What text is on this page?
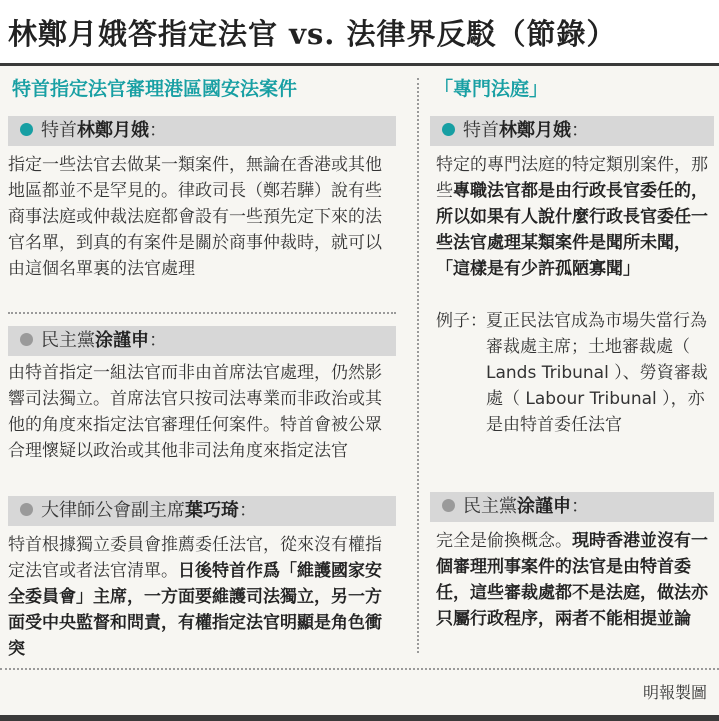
林鄭月娥答指定法官 vs. 法律界反駁（節錄）
特首指定法官審理港區國安法案件
特首林鄭月娥：
指定一些法官去做某一類案件，無論在香港或其他地區都並不是罕見的。律政司長（鄭若驊）說有些商事法庭或仲裁法庭都會設有一些預先定下來的法官名單，到真的有案件是關於商事仲裁時，就可以由這個名單裏的法官處理
民主黨涂謹申：
由特首指定一組法官而非由首席法官處理，仍然影響司法獨立。首席法官只按司法專業而非政治或其他的角度來指定法官審理任何案件。特首會被公眾合理懷疑以政治或其他非司法角度來指定法官
大律師公會副主席葉巧琦：
特首根據獨立委員會推薦委任法官，從來沒有權指定法官或者法官清單。日後特首作爲「維護國家安全委員會」主席，一方面要維護司法獨立，另一方面受中央監督和問責，有權指定法官明顯是角色衝突
「專門法庭」
特首林鄭月娥：
特定的專門法庭的特定類別案件，那些專職法官都是由行政長官委任的，所以如果有人說什麼行政長官委任一些法官處理某類案件是聞所未聞，「這樣是有少許孤陋寡聞」
例子： 夏正民法官成為市場失當行為審裁處主席；土地審裁處（ Lands Tribunal ）、勞資審裁處（ Labour Tribunal ），亦是由特首委任法官
民主黨涂謹申：
完全是偷換概念。現時香港並沒有一個審理刑事案件的法官是由特首委任，這些審裁處都不是法庭，做法亦只屬行政程序，兩者不能相提並論
明報製圖
